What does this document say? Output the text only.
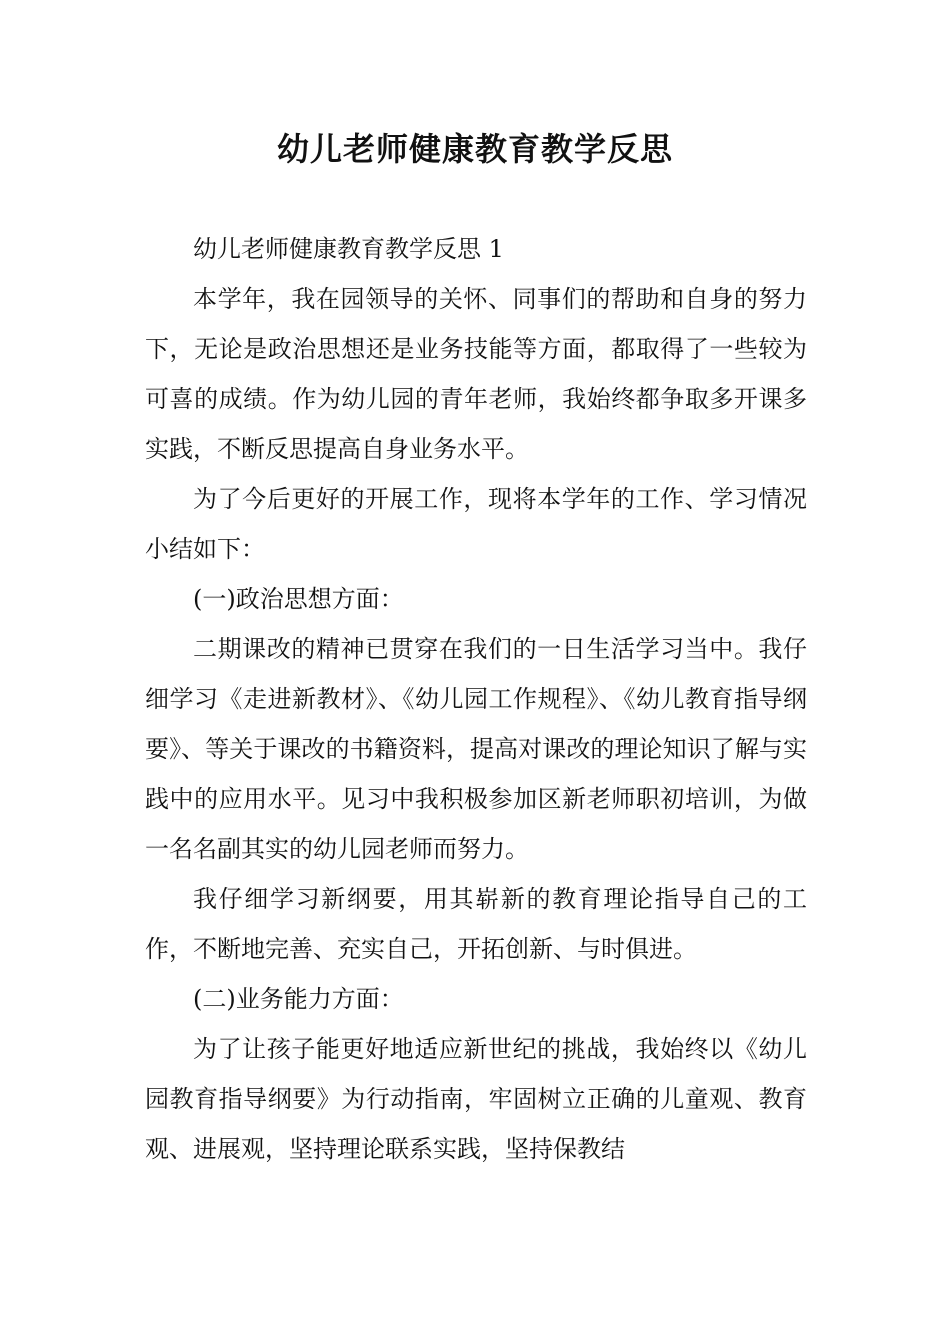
幼儿老师健康教育教学反思

幼儿老师健康教育教学反思 1

本学年，我在园领导的关怀、同事们的帮助和自身的努力下，无论是政治思想还是业务技能等方面，都取得了一些较为可喜的成绩。作为幼儿园的青年老师，我始终都争取多开课多实践，不断反思提高自身业务水平。

为了今后更好的开展工作，现将本学年的工作、学习情况小结如下：

(一)政治思想方面：

二期课改的精神已贯穿在我们的一日生活学习当中。我仔细学习《走进新教材》、《幼儿园工作规程》、《幼儿教育指导纲要》、等关于课改的书籍资料，提高对课改的理论知识了解与实践中的应用水平。见习中我积极参加区新老师职初培训，为做一名名副其实的幼儿园老师而努力。

我仔细学习新纲要，用其崭新的教育理论指导自己的工作，不断地完善、充实自己，开拓创新、与时俱进。

(二)业务能力方面：

为了让孩子能更好地适应新世纪的挑战，我始终以《幼儿园教育指导纲要》为行动指南，牢固树立正确的儿童观、教育观、进展观，坚持理论联系实践，坚持保教结
